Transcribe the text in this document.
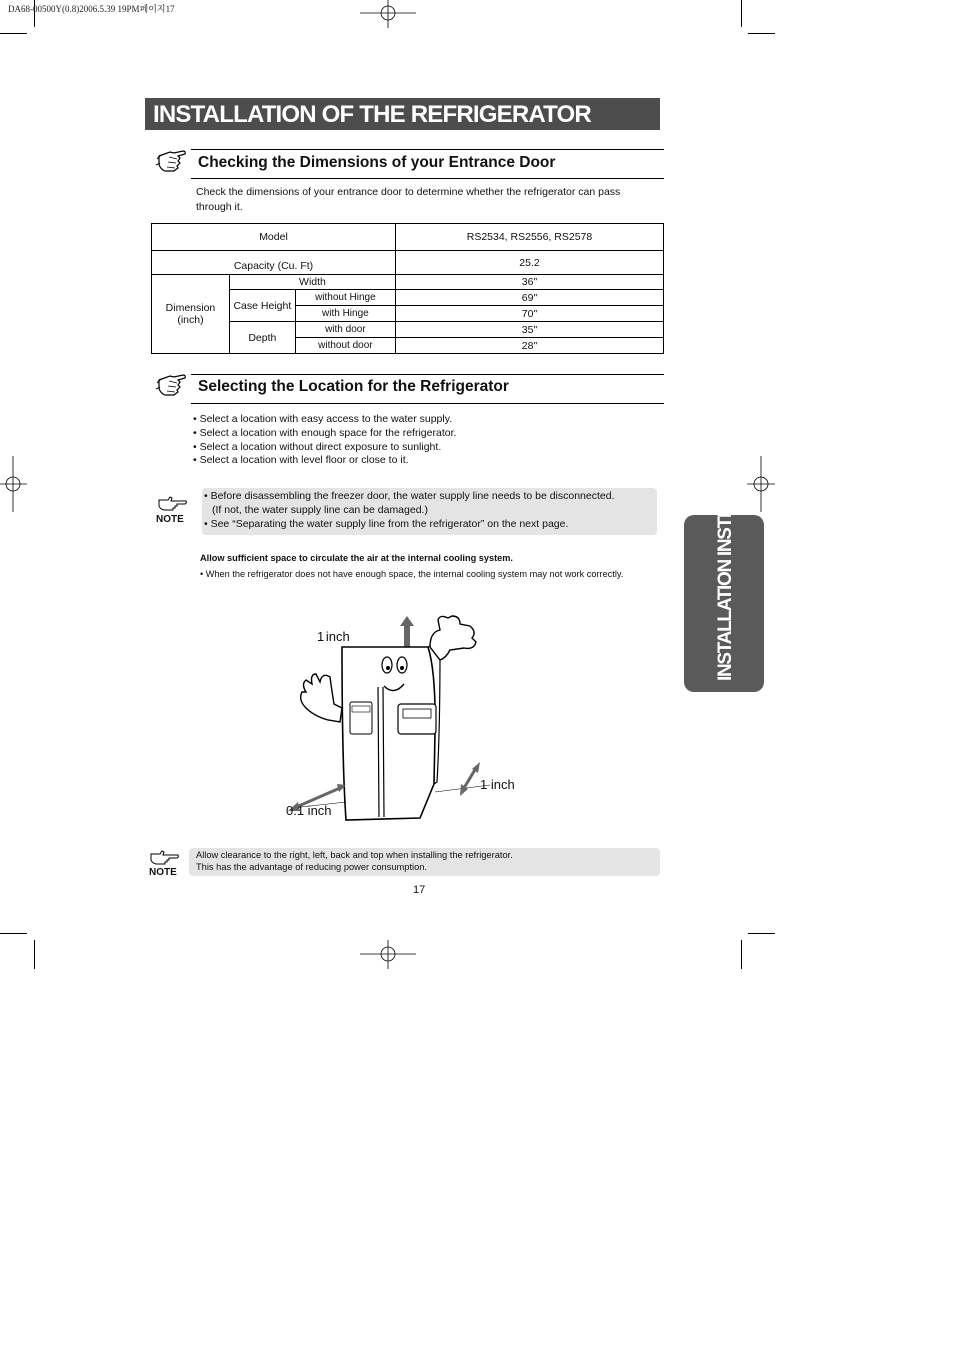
DA68-00500Y(0.8)2006.5.39 19PM페이지17
INSTALLATION OF THE REFRIGERATOR
Checking the Dimensions of your Entrance Door
Check the dimensions of your entrance door to determine whether the refrigerator can pass
through it.
Model			RS2534, RS2556, RS2578
Capacity (Cu. Ft)			25.2

Dimension
(inch)	Width		36"
	Case Height	without Hinge	69"
		with Hinge	70"
	Depth	with door	35"
		without door	28"
Selecting the Location for the Refrigerator
• Select a location with easy access to the water supply.
• Select a location with enough space for the refrigerator.
• Select a location without direct exposure to sunlight.
• Select a location with level floor or close to it.
NOTE
• Before disassembling the freezer door, the water supply line needs to be disconnected.
(If not, the water supply line can be damaged.)
• See “Separating the water supply line from the refrigerator” on the next page.
Allow sufficient space to circulate the air at the internal cooling system.
• When the refrigerator does not have enough space, the internal cooling system may not work correctly.
1 inch
1 inch
0.1 inch
NOTE
Allow clearance to the right, left, back and top when installing the refrigerator.
This has the advantage of reducing power consumption.
17
INSTALLATION INSTRUCTIONS
